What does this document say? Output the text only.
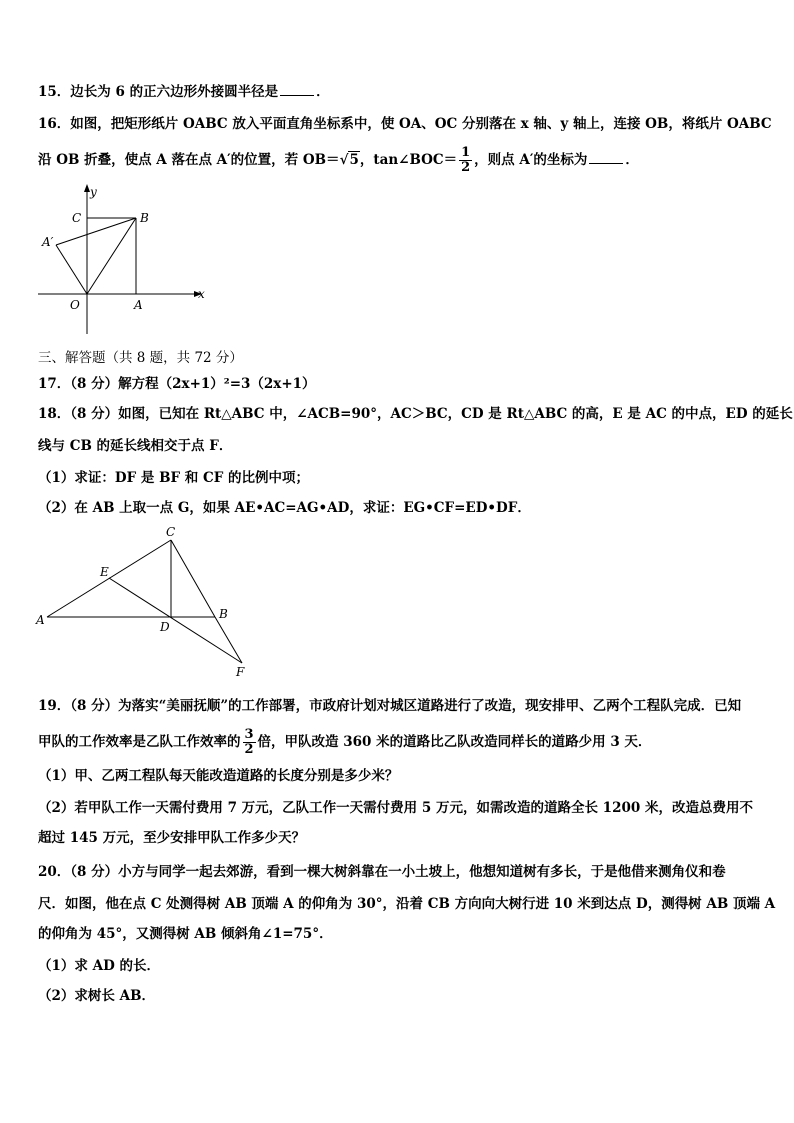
15．边长为 6 的正六边形外接圆半径是	．
16．如图，把矩形纸片 OABC 放入平面直角坐标系中，使 OA、OC 分别落在 x 轴、y 轴上，连接 OB，将纸片 OABC
沿 OB 折叠，使点 A 落在点 A′的位置，若 OB＝√5，tan∠BOC＝ $\frac{1}{2}$ ，则点 A′的坐标为	．
y
x
C	B
A′
O	A
三、解答题（共 8 题，共 72 分）
17．（8 分）解方程（2x+1）²=3（2x+1）
18．（8 分）如图，已知在 Rt△ABC 中，∠ACB=90°，AC＞BC，CD 是 Rt△ABC 的高，E 是 AC 的中点，ED 的延长
线与 CB 的延长线相交于点 F．
（1）求证：DF 是 BF 和 CF 的比例中项；
（2）在 AB 上取一点 G，如果 AE•AC=AG•AD，求证：EG•CF=ED•DF．
C
E
A	D
B
F
19．（8 分）为落实“美丽抚顺”的工作部署，市政府计划对城区道路进行了改造，现安排甲、乙两个工程队完成．已知
甲队的工作效率是乙队工作效率的 $\frac{3}{2}$ 倍，甲队改造 360 米的道路比乙队改造同样长的道路少用 3 天．
（1）甲、乙两工程队每天能改造道路的长度分别是多少米？
（2）若甲队工作一天需付费用 7 万元，乙队工作一天需付费用 5 万元，如需改造的道路全长 1200 米，改造总费用不
超过 145 万元，至少安排甲队工作多少天？
20．（8 分）小方与同学一起去郊游，看到一棵大树斜靠在一小土坡上，他想知道树有多长，于是他借来测角仪和卷
尺．如图，他在点 C 处测得树 AB 顶端 A 的仰角为 30°，沿着 CB 方向向大树行进 10 米到达点 D，测得树 AB 顶端 A
的仰角为 45°，又测得树 AB 倾斜角∠1=75°．
（1）求 AD 的长．
（2）求树长 AB．
